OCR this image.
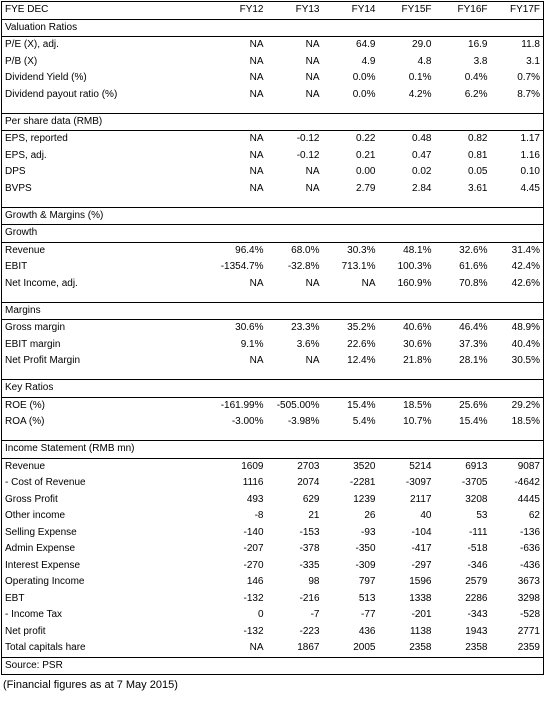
FYE DEC	FY12	FY13	FY14	FY15F	FY16F	FY17F
Valuation Ratios						
P/E (X), adj.	NA	NA	64.9	29.0	16.9	11.8
P/B (X)	NA	NA	4.9	4.8	3.8	3.1
Dividend Yield (%)	NA	NA	0.0%	0.1%	0.4%	0.7%
Dividend payout ratio (%)	NA	NA	0.0%	4.2%	6.2%	8.7%

Per share data (RMB)						
EPS, reported	NA	-0.12	0.22	0.48	0.82	1.17
EPS, adj.	NA	-0.12	0.21	0.47	0.81	1.16
DPS	NA	NA	0.00	0.02	0.05	0.10
BVPS	NA	NA	2.79	2.84	3.61	4.45

Growth & Margins (%)						
Growth						
Revenue	96.4%	68.0%	30.3%	48.1%	32.6%	31.4%
EBIT	-1354.7%	-32.8%	713.1%	100.3%	61.6%	42.4%
Net Income, adj.	NA	NA	NA	160.9%	70.8%	42.6%

Margins						
Gross margin	30.6%	23.3%	35.2%	40.6%	46.4%	48.9%
EBIT margin	9.1%	3.6%	22.6%	30.6%	37.3%	40.4%
Net Profit Margin	NA	NA	12.4%	21.8%	28.1%	30.5%

Key Ratios						
ROE (%)	-161.99%	-505.00%	15.4%	18.5%	25.6%	29.2%
ROA (%)	-3.00%	-3.98%	5.4%	10.7%	15.4%	18.5%

Income Statement (RMB mn)						
Revenue	1609	2703	3520	5214	6913	9087
- Cost of Revenue	1116	2074	-2281	-3097	-3705	-4642
Gross Profit	493	629	1239	2117	3208	4445
Other income	-8	21	26	40	53	62
Selling Expense	-140	-153	-93	-104	-111	-136
Admin Expense	-207	-378	-350	-417	-518	-636
Interest Expense	-270	-335	-309	-297	-346	-436
Operating Income	146	98	797	1596	2579	3673
EBT	-132	-216	513	1338	2286	3298
- Income Tax	0	-7	-77	-201	-343	-528
Net profit	-132	-223	436	1138	1943	2771
Total capitals hare	NA	1867	2005	2358	2358	2359
Source: PSR						
(Financial figures as at 7 May 2015)
